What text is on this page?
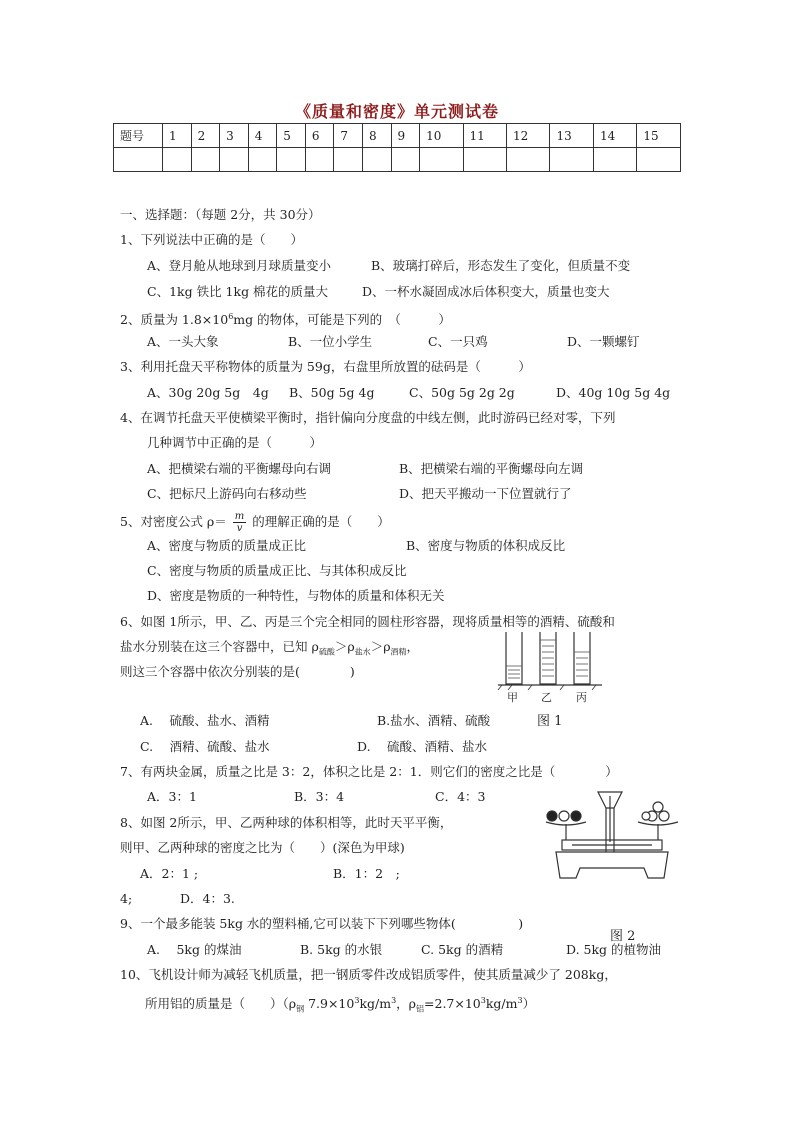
《质量和密度》单元测试卷
题号	1	2	3	4	5	6	7	8	9	10	11	12	13	14	15

一、选择题：（每题 2分，共 30分）
1、下列说法中正确的是（　　）
A、登月舱从地球到月球质量变小	B、玻璃打碎后，形态发生了变化，但质量不变
C、1kg 铁比 1kg 棉花的质量大	D、一杯水凝固成冰后体积变大，质量也变大
2、质量为 $1.8\times 10^6mg$ 的物体，可能是下列的　（　　　）
A、一头大象	B、一位小学生	C、一只鸡	D、一颗螺钉
3、利用托盘天平称物体的质量为 59g，右盘里所放置的砝码是（　　　）
A、30g 20g 5g　4g B、50g 5g 4g	C、50g 5g 2g 2g	D、40g 10g 5g 4g
4、在调节托盘天平使横梁平衡时，指针偏向分度盘的中线左侧，此时游码已经对零，下列
几种调节中正确的是（　　　）
A、把横梁右端的平衡螺母向右调	B、把横梁右端的平衡螺母向左调
C、把标尺上游码向右移动些	D、把天平搬动一下位置就行了
5、对密度公式 $\rho= \frac{m}{v}$ 的理解正确的是（　　）
A、密度与物质的质量成正比	B、密度与物质的体积成反比
C、密度与物质的质量成正比、与其体积成反比
D、密度是物质的一种特性，与物体的质量和体积无关
6、如图 1所示，甲、乙、丙是三个完全相同的圆柱形容器，现将质量相等的酒精、硫酸和
盐水分别装在这三个容器中，已知 $\rho_{硫酸}>\rho_{盐水}>\rho_{酒精}$，
则这三个容器中依次分别装的是(　　　　)
甲 乙 丙
图 1
A.　 硫酸、盐水、酒精	B.盐水、酒精、硫酸
C.　 酒精、硫酸、盐水	D.　 硫酸、酒精、盐水
7、有两块金属，质量之比是 3：2，体积之比是 2：1．则它们的密度之比是（　　　　）
A．3：1	B．3：4	C．4：3
8、如图 2所示，甲、乙两种球的体积相等，此时天平平衡，
则甲、乙两种球的密度之比为（　　）(深色为甲球)
A．2：1 ;	B．1：2　;
4;	D．4：3.
9、一个最多能装 5kg 水的塑料桶,它可以装下下列哪些物体(　　　　　)
图 2
A.　 5kg 的煤油	B. 5kg 的水银	C. 5kg 的酒精	D. 5kg 的植物油
10、飞机设计师为减轻飞机质量，把一钢质零件改成铝质零件，使其质量减少了 208kg，
所用铝的质量是（　　）（$\rho_钢$ $7.9\times 10^3kg/m^3$，$\rho_铝=2.7\times 10^3kg/m^3$）
